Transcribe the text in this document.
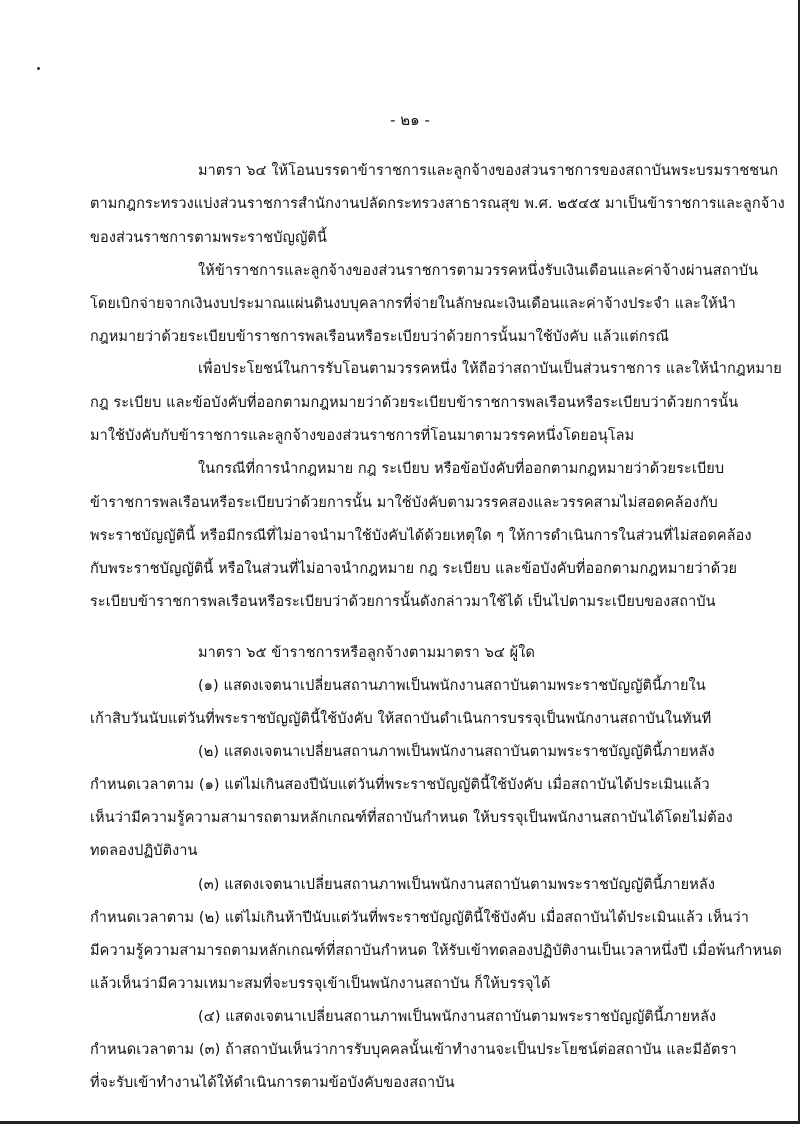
- ๒๑ -
มาตรา ๖๔ ให้โอนบรรดาข้าราชการและลูกจ้างของส่วนราชการของสถาบันพระบรมราชชนก
ตามกฎกระทรวงแบ่งส่วนราชการสำนักงานปลัดกระทรวงสาธารณสุข พ.ศ. ๒๕๔๕ มาเป็นข้าราชการและลูกจ้าง
ของส่วนราชการตามพระราชบัญญัตินี้
ให้ข้าราชการและลูกจ้างของส่วนราชการตามวรรคหนึ่งรับเงินเดือนและค่าจ้างผ่านสถาบัน
โดยเบิกจ่ายจากเงินงบประมาณแผ่นดินงบบุคลากรที่จ่ายในลักษณะเงินเดือนและค่าจ้างประจำ และให้นำ
กฎหมายว่าด้วยระเบียบข้าราชการพลเรือนหรือระเบียบว่าด้วยการนั้นมาใช้บังคับ แล้วแต่กรณี
เพื่อประโยชน์ในการรับโอนตามวรรคหนึ่ง ให้ถือว่าสถาบันเป็นส่วนราชการ และให้นำกฎหมาย
กฎ ระเบียบ และข้อบังคับที่ออกตามกฎหมายว่าด้วยระเบียบข้าราชการพลเรือนหรือระเบียบว่าด้วยการนั้น
มาใช้บังคับกับข้าราชการและลูกจ้างของส่วนราชการที่โอนมาตามวรรคหนึ่งโดยอนุโลม
ในกรณีที่การนำกฎหมาย กฎ ระเบียบ หรือข้อบังคับที่ออกตามกฎหมายว่าด้วยระเบียบ
ข้าราชการพลเรือนหรือระเบียบว่าด้วยการนั้น มาใช้บังคับตามวรรคสองและวรรคสามไม่สอดคล้องกับ
พระราชบัญญัตินี้ หรือมีกรณีที่ไม่อาจนำมาใช้บังคับได้ด้วยเหตุใด ๆ ให้การดำเนินการในส่วนที่ไม่สอดคล้อง
กับพระราชบัญญัตินี้ หรือในส่วนที่ไม่อาจนำกฎหมาย กฎ ระเบียบ และข้อบังคับที่ออกตามกฎหมายว่าด้วย
ระเบียบข้าราชการพลเรือนหรือระเบียบว่าด้วยการนั้นดังกล่าวมาใช้ได้ เป็นไปตามระเบียบของสถาบัน
มาตรา ๖๕ ข้าราชการหรือลูกจ้างตามมาตรา ๖๔ ผู้ใด
(๑) แสดงเจตนาเปลี่ยนสถานภาพเป็นพนักงานสถาบันตามพระราชบัญญัตินี้ภายใน
เก้าสิบวันนับแต่วันที่พระราชบัญญัตินี้ใช้บังคับ ให้สถาบันดำเนินการบรรจุเป็นพนักงานสถาบันในทันที
(๒) แสดงเจตนาเปลี่ยนสถานภาพเป็นพนักงานสถาบันตามพระราชบัญญัตินี้ภายหลัง
กำหนดเวลาตาม (๑) แต่ไม่เกินสองปีนับแต่วันที่พระราชบัญญัตินี้ใช้บังคับ เมื่อสถาบันได้ประเมินแล้ว
เห็นว่ามีความรู้ความสามารถตามหลักเกณฑ์ที่สถาบันกำหนด ให้บรรจุเป็นพนักงานสถาบันได้โดยไม่ต้อง
ทดลองปฏิบัติงาน
(๓) แสดงเจตนาเปลี่ยนสถานภาพเป็นพนักงานสถาบันตามพระราชบัญญัตินี้ภายหลัง
กำหนดเวลาตาม (๒) แต่ไม่เกินห้าปีนับแต่วันที่พระราชบัญญัตินี้ใช้บังคับ เมื่อสถาบันได้ประเมินแล้ว เห็นว่า
มีความรู้ความสามารถตามหลักเกณฑ์ที่สถาบันกำหนด ให้รับเข้าทดลองปฏิบัติงานเป็นเวลาหนึ่งปี เมื่อพ้นกำหนด
แล้วเห็นว่ามีความเหมาะสมที่จะบรรจุเข้าเป็นพนักงานสถาบัน ก็ให้บรรจุได้
(๔) แสดงเจตนาเปลี่ยนสถานภาพเป็นพนักงานสถาบันตามพระราชบัญญัตินี้ภายหลัง
กำหนดเวลาตาม (๓) ถ้าสถาบันเห็นว่าการรับบุคคลนั้นเข้าทำงานจะเป็นประโยชน์ต่อสถาบัน และมีอัตรา
ที่จะรับเข้าทำงานได้ให้ดำเนินการตามข้อบังคับของสถาบัน
